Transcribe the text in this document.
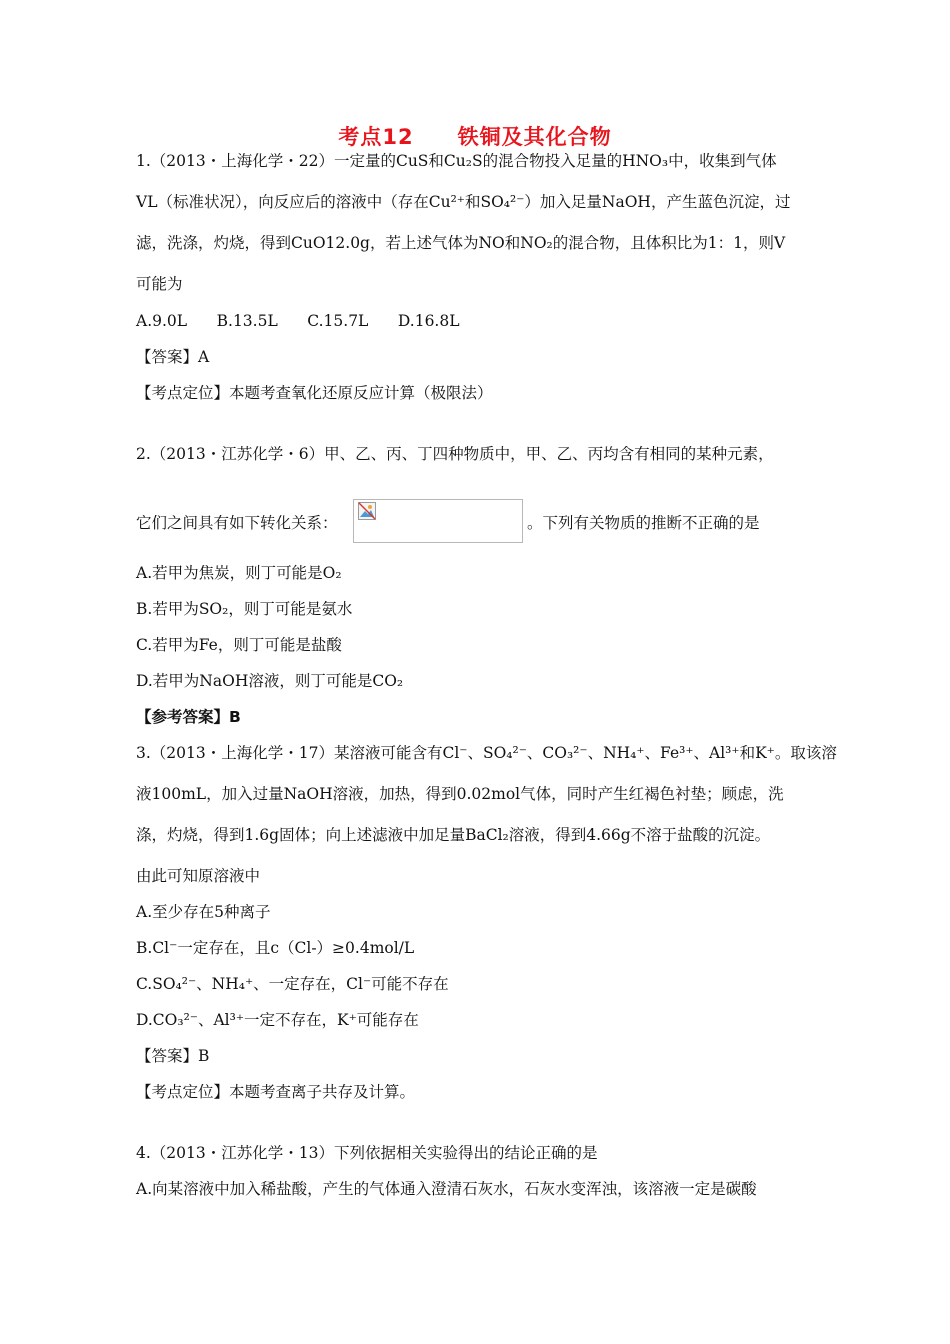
考点12 铁铜及其化合物
1.（2013・上海化学・22）一定量的CuS和Cu₂S的混合物投入足量的HNO₃中，收集到气体
VL（标准状况），向反应后的溶液中（存在Cu²⁺和SO₄²⁻）加入足量NaOH，产生蓝色沉淀，过
滤，洗涤，灼烧，得到CuO12.0g，若上述气体为NO和NO₂的混合物，且体积比为1：1，则V
可能为
A.9.0L      B.13.5L      C.15.7L      D.16.8L
【答案】A
【考点定位】本题考查氧化还原反应计算（极限法）
2.（2013・江苏化学・6）甲、乙、丙、丁四种物质中，甲、乙、丙均含有相同的某种元素，
它们之间具有如下转化关系：	。下列有关物质的推断不正确的是
A.若甲为焦炭，则丁可能是O₂
B.若甲为SO₂，则丁可能是氨水
C.若甲为Fe，则丁可能是盐酸
D.若甲为NaOH溶液，则丁可能是CO₂
【参考答案】B
3.（2013・上海化学・17）某溶液可能含有Cl⁻、SO₄²⁻、CO₃²⁻、NH₄⁺、Fe³⁺、Al³⁺和K⁺。取该溶
液100mL，加入过量NaOH溶液，加热，得到0.02mol气体，同时产生红褐色衬垫；顾虑，洗
涤，灼烧，得到1.6g固体；向上述滤液中加足量BaCl₂溶液，得到4.66g不溶于盐酸的沉淀。
由此可知原溶液中
A.至少存在5种离子
B.Cl⁻一定存在，且c（Cl-）≥0.4mol/L
C.SO₄²⁻、NH₄⁺、一定存在，Cl⁻可能不存在
D.CO₃²⁻、Al³⁺一定不存在，K⁺可能存在
【答案】B
【考点定位】本题考查离子共存及计算。
4.（2013・江苏化学・13）下列依据相关实验得出的结论正确的是
A.向某溶液中加入稀盐酸，产生的气体通入澄清石灰水，石灰水变浑浊，该溶液一定是碳酸
